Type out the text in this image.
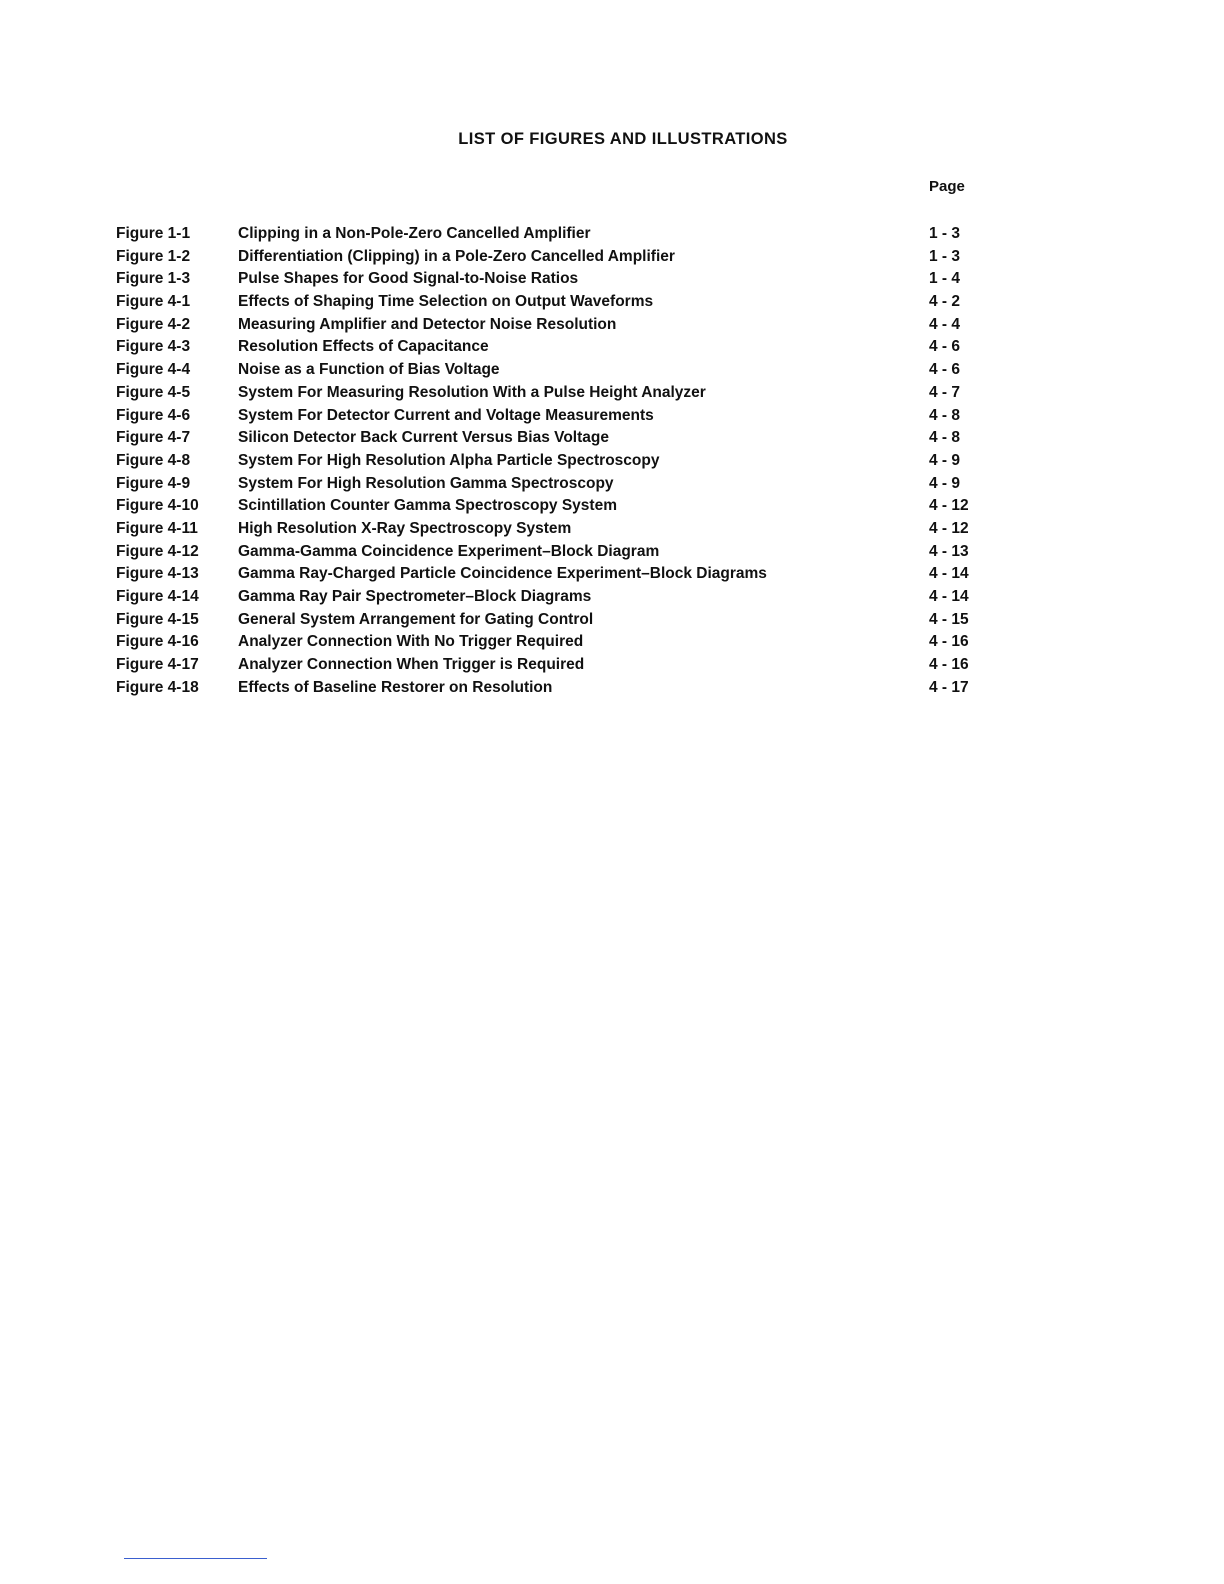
LIST OF FIGURES AND ILLUSTRATIONS
Page
Figure 1-1	Clipping in a Non-Pole-Zero Cancelled Amplifier	1 - 3
Figure 1-2	Differentiation (Clipping) in a Pole-Zero Cancelled Amplifier	1 - 3
Figure 1-3	Pulse Shapes for Good Signal-to-Noise Ratios	1 - 4
Figure 4-1	Effects of Shaping Time Selection on Output Waveforms	4 - 2
Figure 4-2	Measuring Amplifier and Detector Noise Resolution	4 - 4
Figure 4-3	Resolution Effects of Capacitance	4 - 6
Figure 4-4	Noise as a Function of Bias Voltage	4 - 6
Figure 4-5	System For Measuring Resolution With a Pulse Height Analyzer	4 - 7
Figure 4-6	System For Detector Current and Voltage Measurements	4 - 8
Figure 4-7	Silicon Detector Back Current Versus Bias Voltage	4 - 8
Figure 4-8	System For High Resolution Alpha Particle Spectroscopy	4 - 9
Figure 4-9	System For High Resolution Gamma Spectroscopy	4 - 9
Figure 4-10	Scintillation Counter Gamma Spectroscopy System	4 - 12
Figure 4-11	High Resolution X-Ray Spectroscopy System	4 - 12
Figure 4-12	Gamma-Gamma Coincidence Experiment–Block Diagram	4 - 13
Figure 4-13	Gamma Ray-Charged Particle Coincidence Experiment–Block Diagrams	4 - 14
Figure 4-14	Gamma Ray Pair Spectrometer–Block Diagrams	4 - 14
Figure 4-15	General System Arrangement for Gating Control	4 - 15
Figure 4-16	Analyzer Connection With No Trigger Required	4 - 16
Figure 4-17	Analyzer Connection When Trigger is Required	4 - 16
Figure 4-18	Effects of Baseline Restorer on Resolution	4 - 17
